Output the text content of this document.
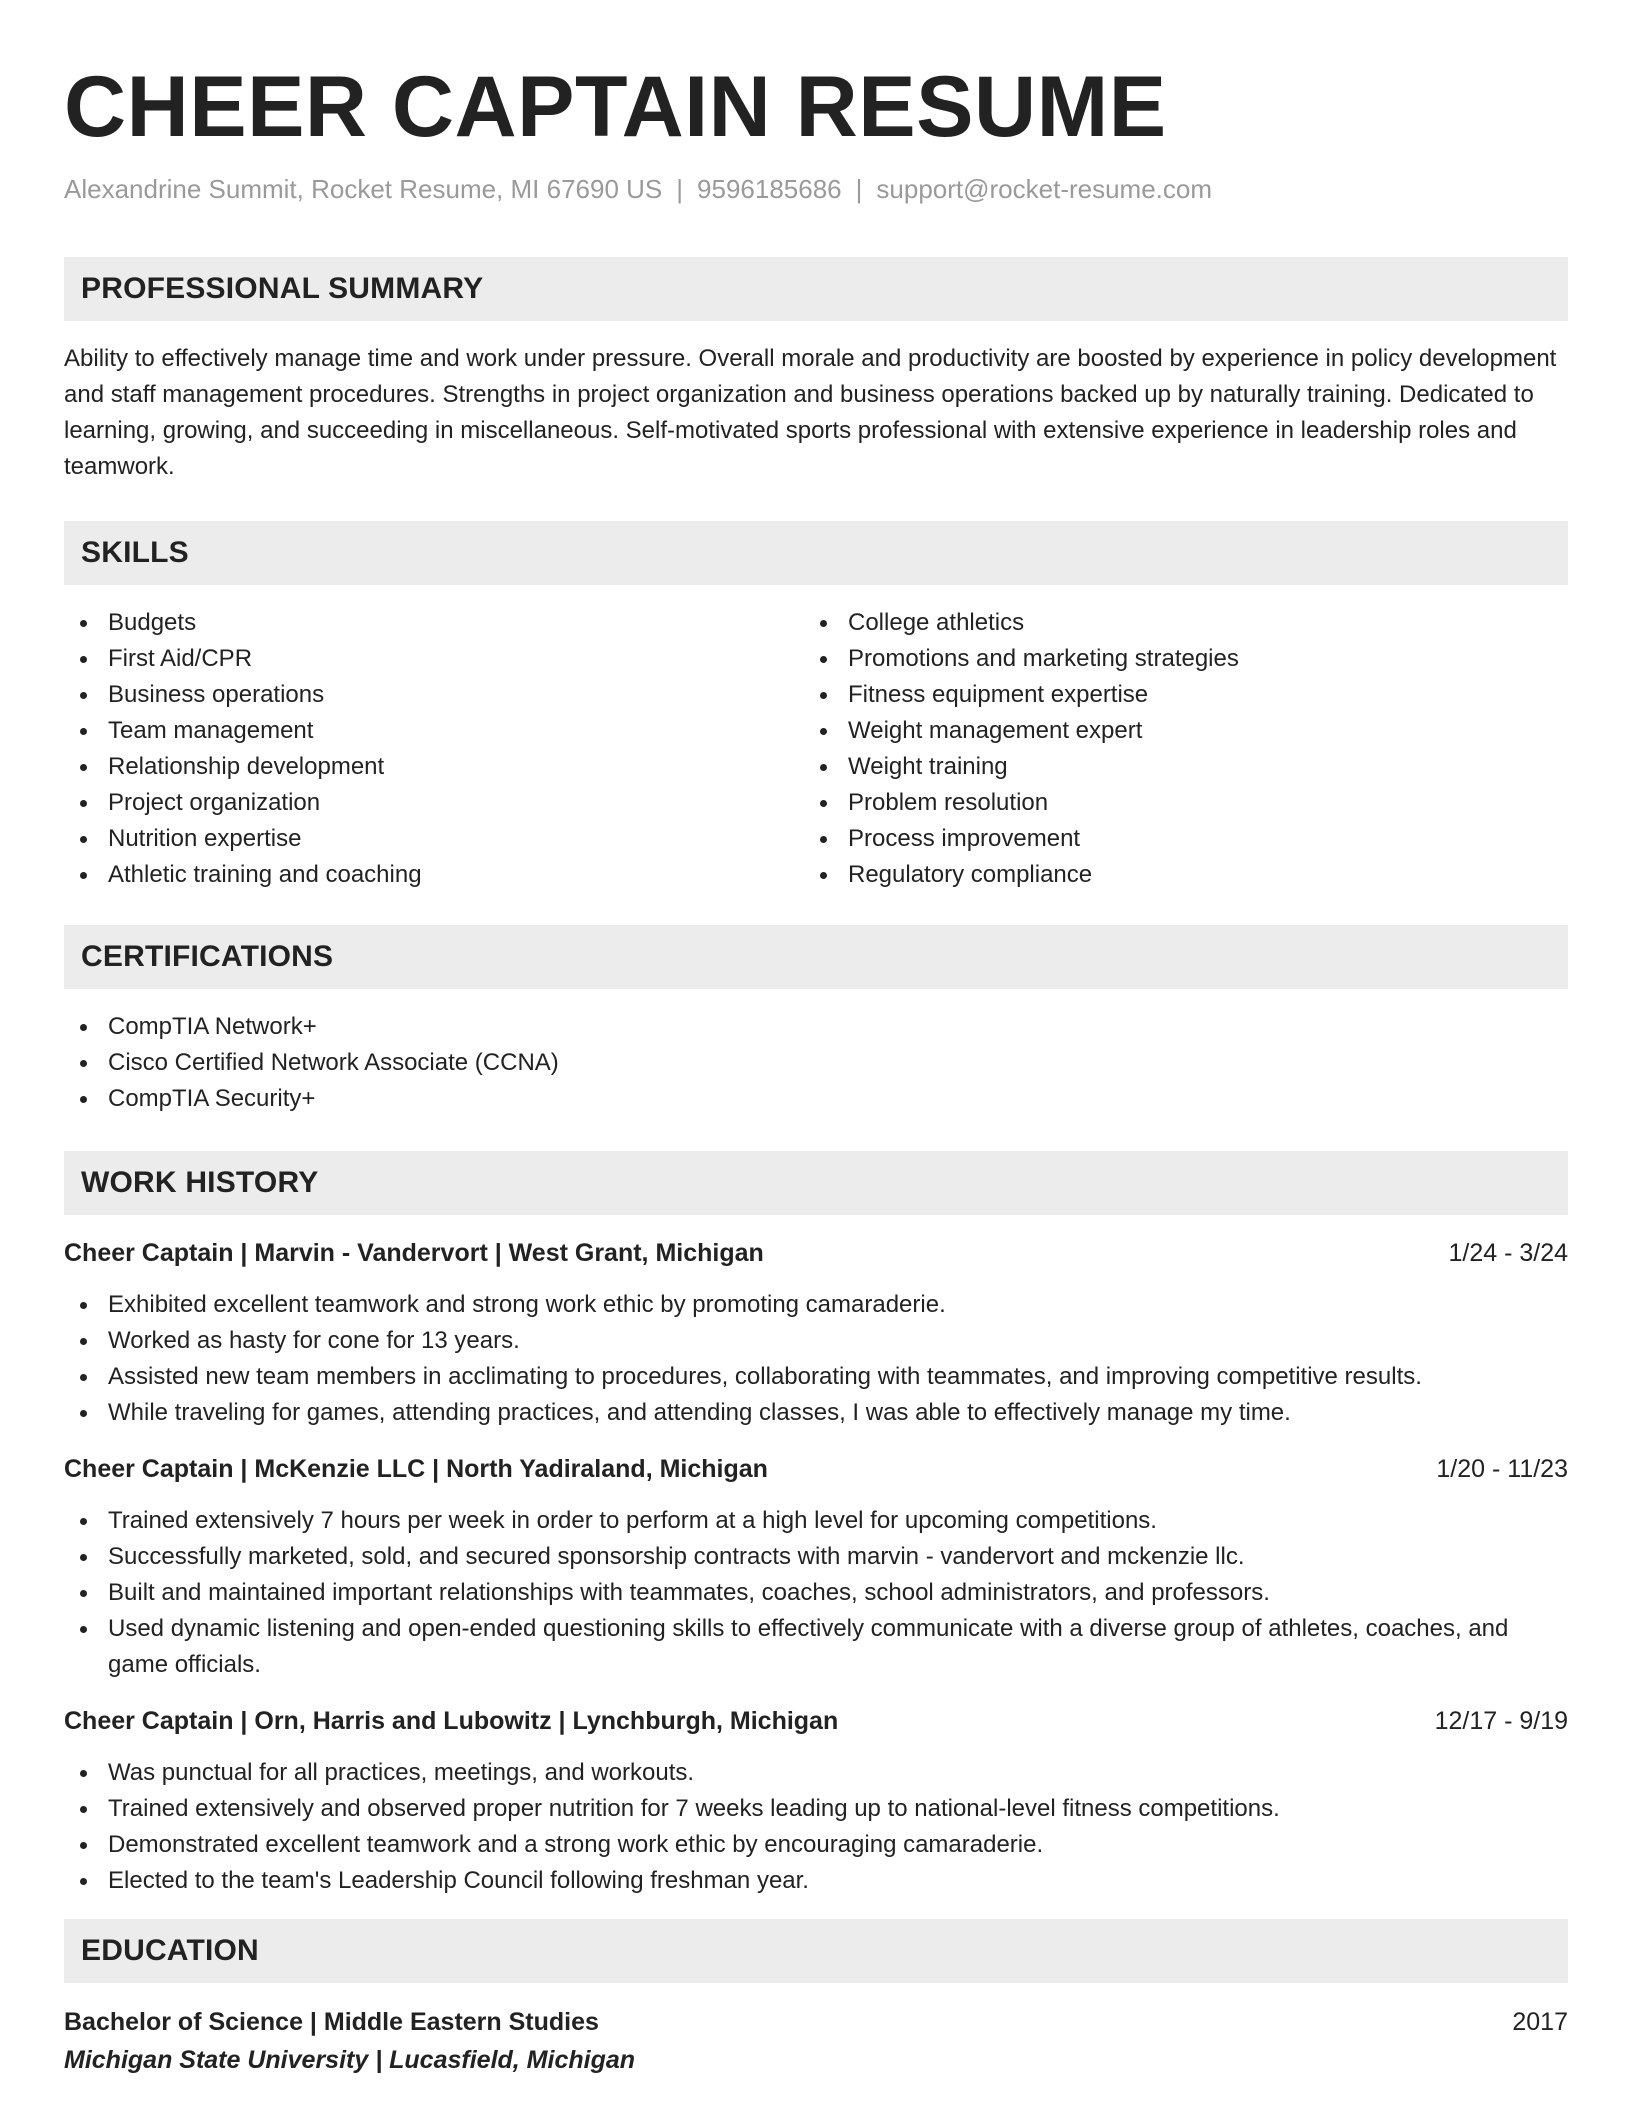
CHEER CAPTAIN RESUME
Alexandrine Summit, Rocket Resume, MI 67690 US | 9596185686 | support@rocket-resume.com
PROFESSIONAL SUMMARY

Ability to effectively manage time and work under pressure. Overall morale and productivity are boosted by experience in policy development and staff management procedures. Strengths in project organization and business operations backed up by naturally training. Dedicated to learning, growing, and succeeding in miscellaneous. Self-motivated sports professional with extensive experience in leadership roles and teamwork.

SKILLS
Budgets
First Aid/CPR
Business operations
Team management
Relationship development
Project organization
Nutrition expertise
Athletic training and coaching
College athletics
Promotions and marketing strategies
Fitness equipment expertise
Weight management expert
Weight training
Problem resolution
Process improvement
Regulatory compliance
CERTIFICATIONS
CompTIA Network+
Cisco Certified Network Associate (CCNA)
CompTIA Security+
WORK HISTORY
Cheer Captain | Marvin - Vandervort | West Grant, Michigan	1/24 - 3/24
Exhibited excellent teamwork and strong work ethic by promoting camaraderie.
Worked as hasty for cone for 13 years.
Assisted new team members in acclimating to procedures, collaborating with teammates, and improving competitive results.
While traveling for games, attending practices, and attending classes, I was able to effectively manage my time.
Cheer Captain | McKenzie LLC | North Yadiraland, Michigan	1/20 - 11/23
Trained extensively 7 hours per week in order to perform at a high level for upcoming competitions.
Successfully marketed, sold, and secured sponsorship contracts with marvin - vandervort and mckenzie llc.
Built and maintained important relationships with teammates, coaches, school administrators, and professors.
Used dynamic listening and open-ended questioning skills to effectively communicate with a diverse group of athletes, coaches, and game officials.
Cheer Captain | Orn, Harris and Lubowitz | Lynchburgh, Michigan	12/17 - 9/19
Was punctual for all practices, meetings, and workouts.
Trained extensively and observed proper nutrition for 7 weeks leading up to national-level fitness competitions.
Demonstrated excellent teamwork and a strong work ethic by encouraging camaraderie.
Elected to the team's Leadership Council following freshman year.
EDUCATION
Bachelor of Science | Middle Eastern Studies	2017
Michigan State University | Lucasfield, Michigan
